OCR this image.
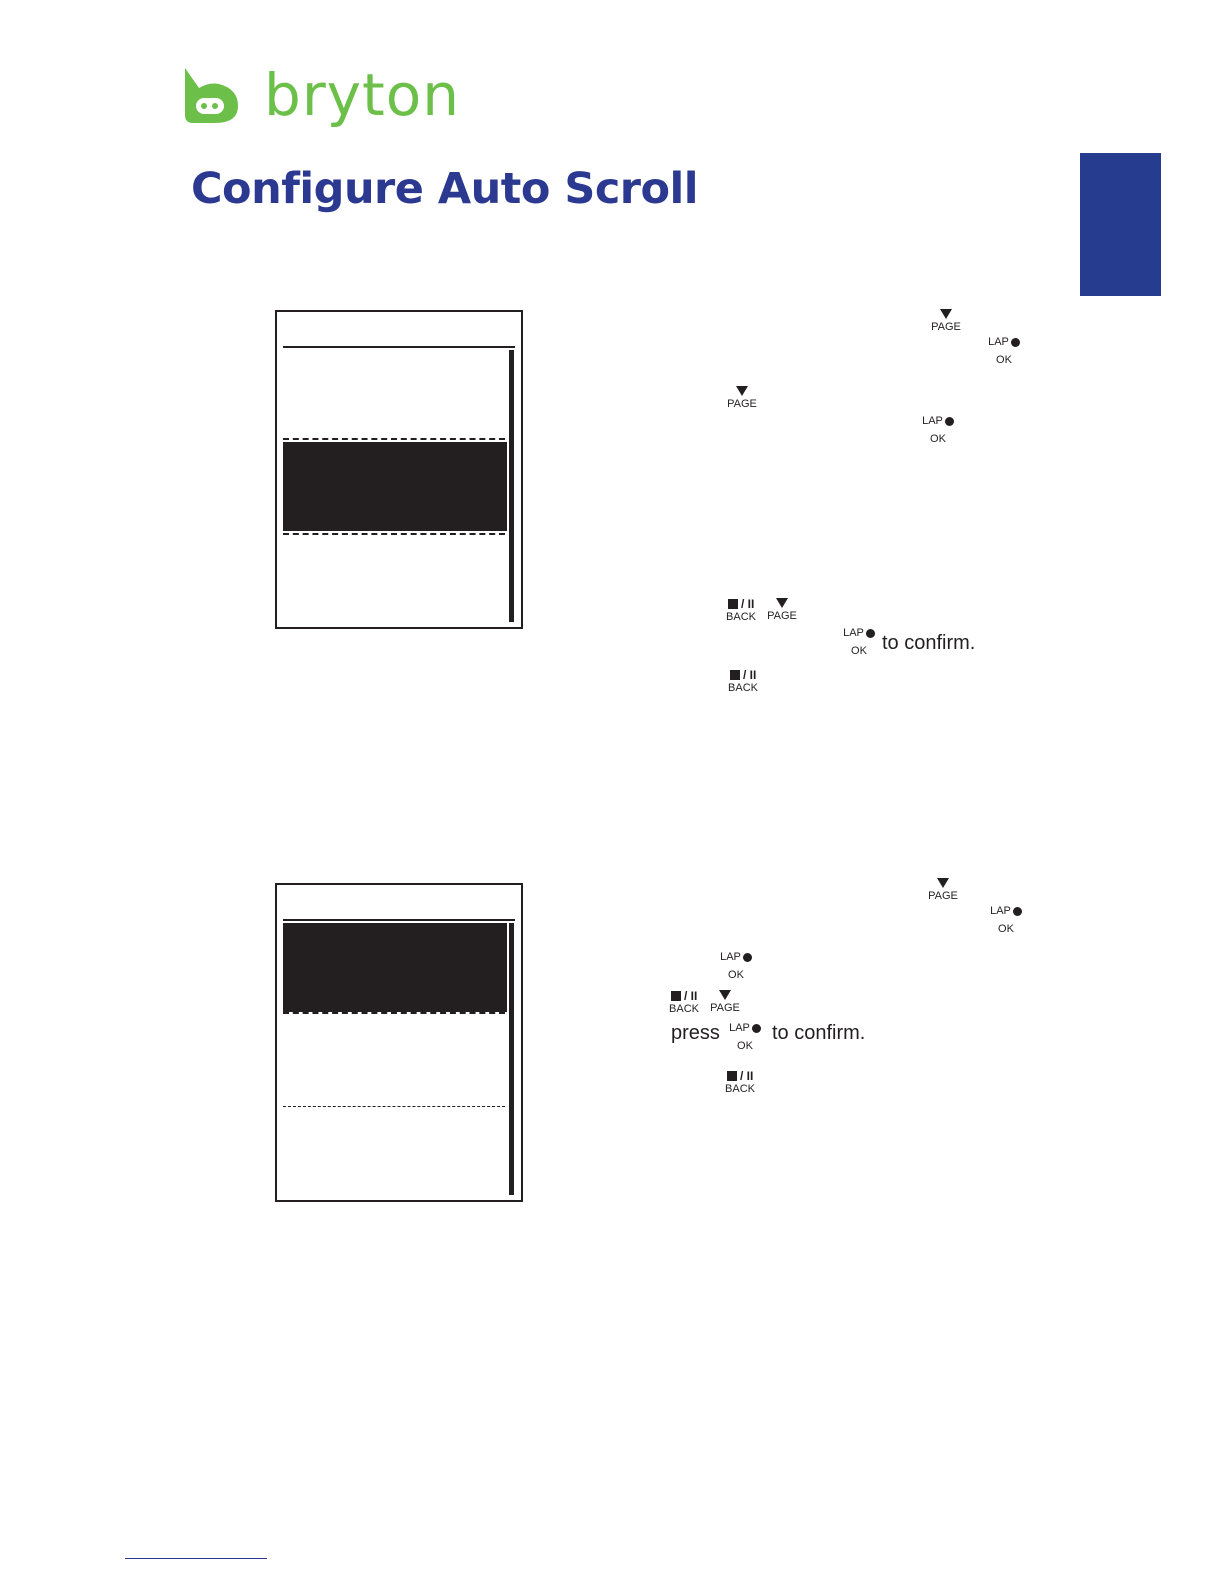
bryton
Configure Auto Scroll
PAGE
LAP
OK
PAGE
LAP
OK
/ II
BACK	PAGE
LAP
OK to confirm.
/ II
BACK
PAGE
LAP
OK
LAP
OK
/ II
BACK	PAGE
press LAP
OK
to confirm.
/ II
BACK
